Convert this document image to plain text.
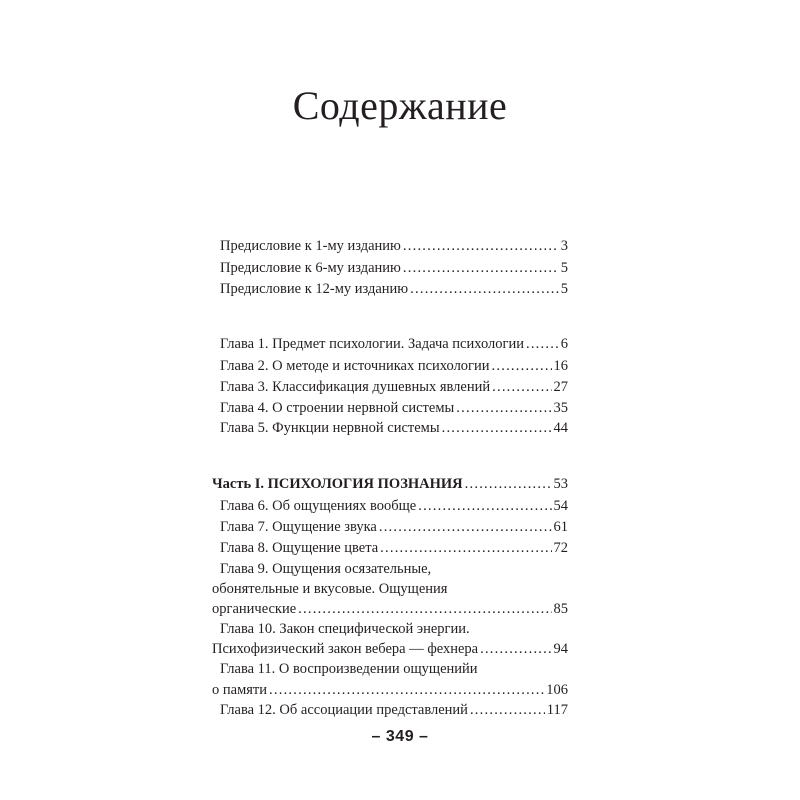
Содержание
Предисловие к 1-му изданию . . .	3
Предисловие к 6-му изданию . . .	5
Предисловие к 12-му изданию . . .	5
Глава 1. Предмет психологии. Задача психологии . . .	6
Глава 2. О методе и источниках психологии . . .	16
Глава 3. Классификация душевных явлений . . .	27
Глава 4. О строении нервной системы . . .	35
Глава 5. Функции нервной системы . . .	44
Часть I. ПСИХОЛОГИЯ ПОЗНАНИЯ . . .	53
Глава 6. Об ощущениях вообще . . .	54
Глава 7. Ощущение звука . . .	61
Глава 8. Ощущение цвета . . .	72
Глава 9. Ощущения осязательные,
обонятельные и вкусовые. Ощущения
органические . . .	85
Глава 10. Закон специфической энергии.
Психофизический закон вебера — фехнера . . .	94
Глава 11. О воспроизведении ощущенийи
о памяти . . .	106
Глава 12. Об ассоциации представлений . . .	117
– 349 –
